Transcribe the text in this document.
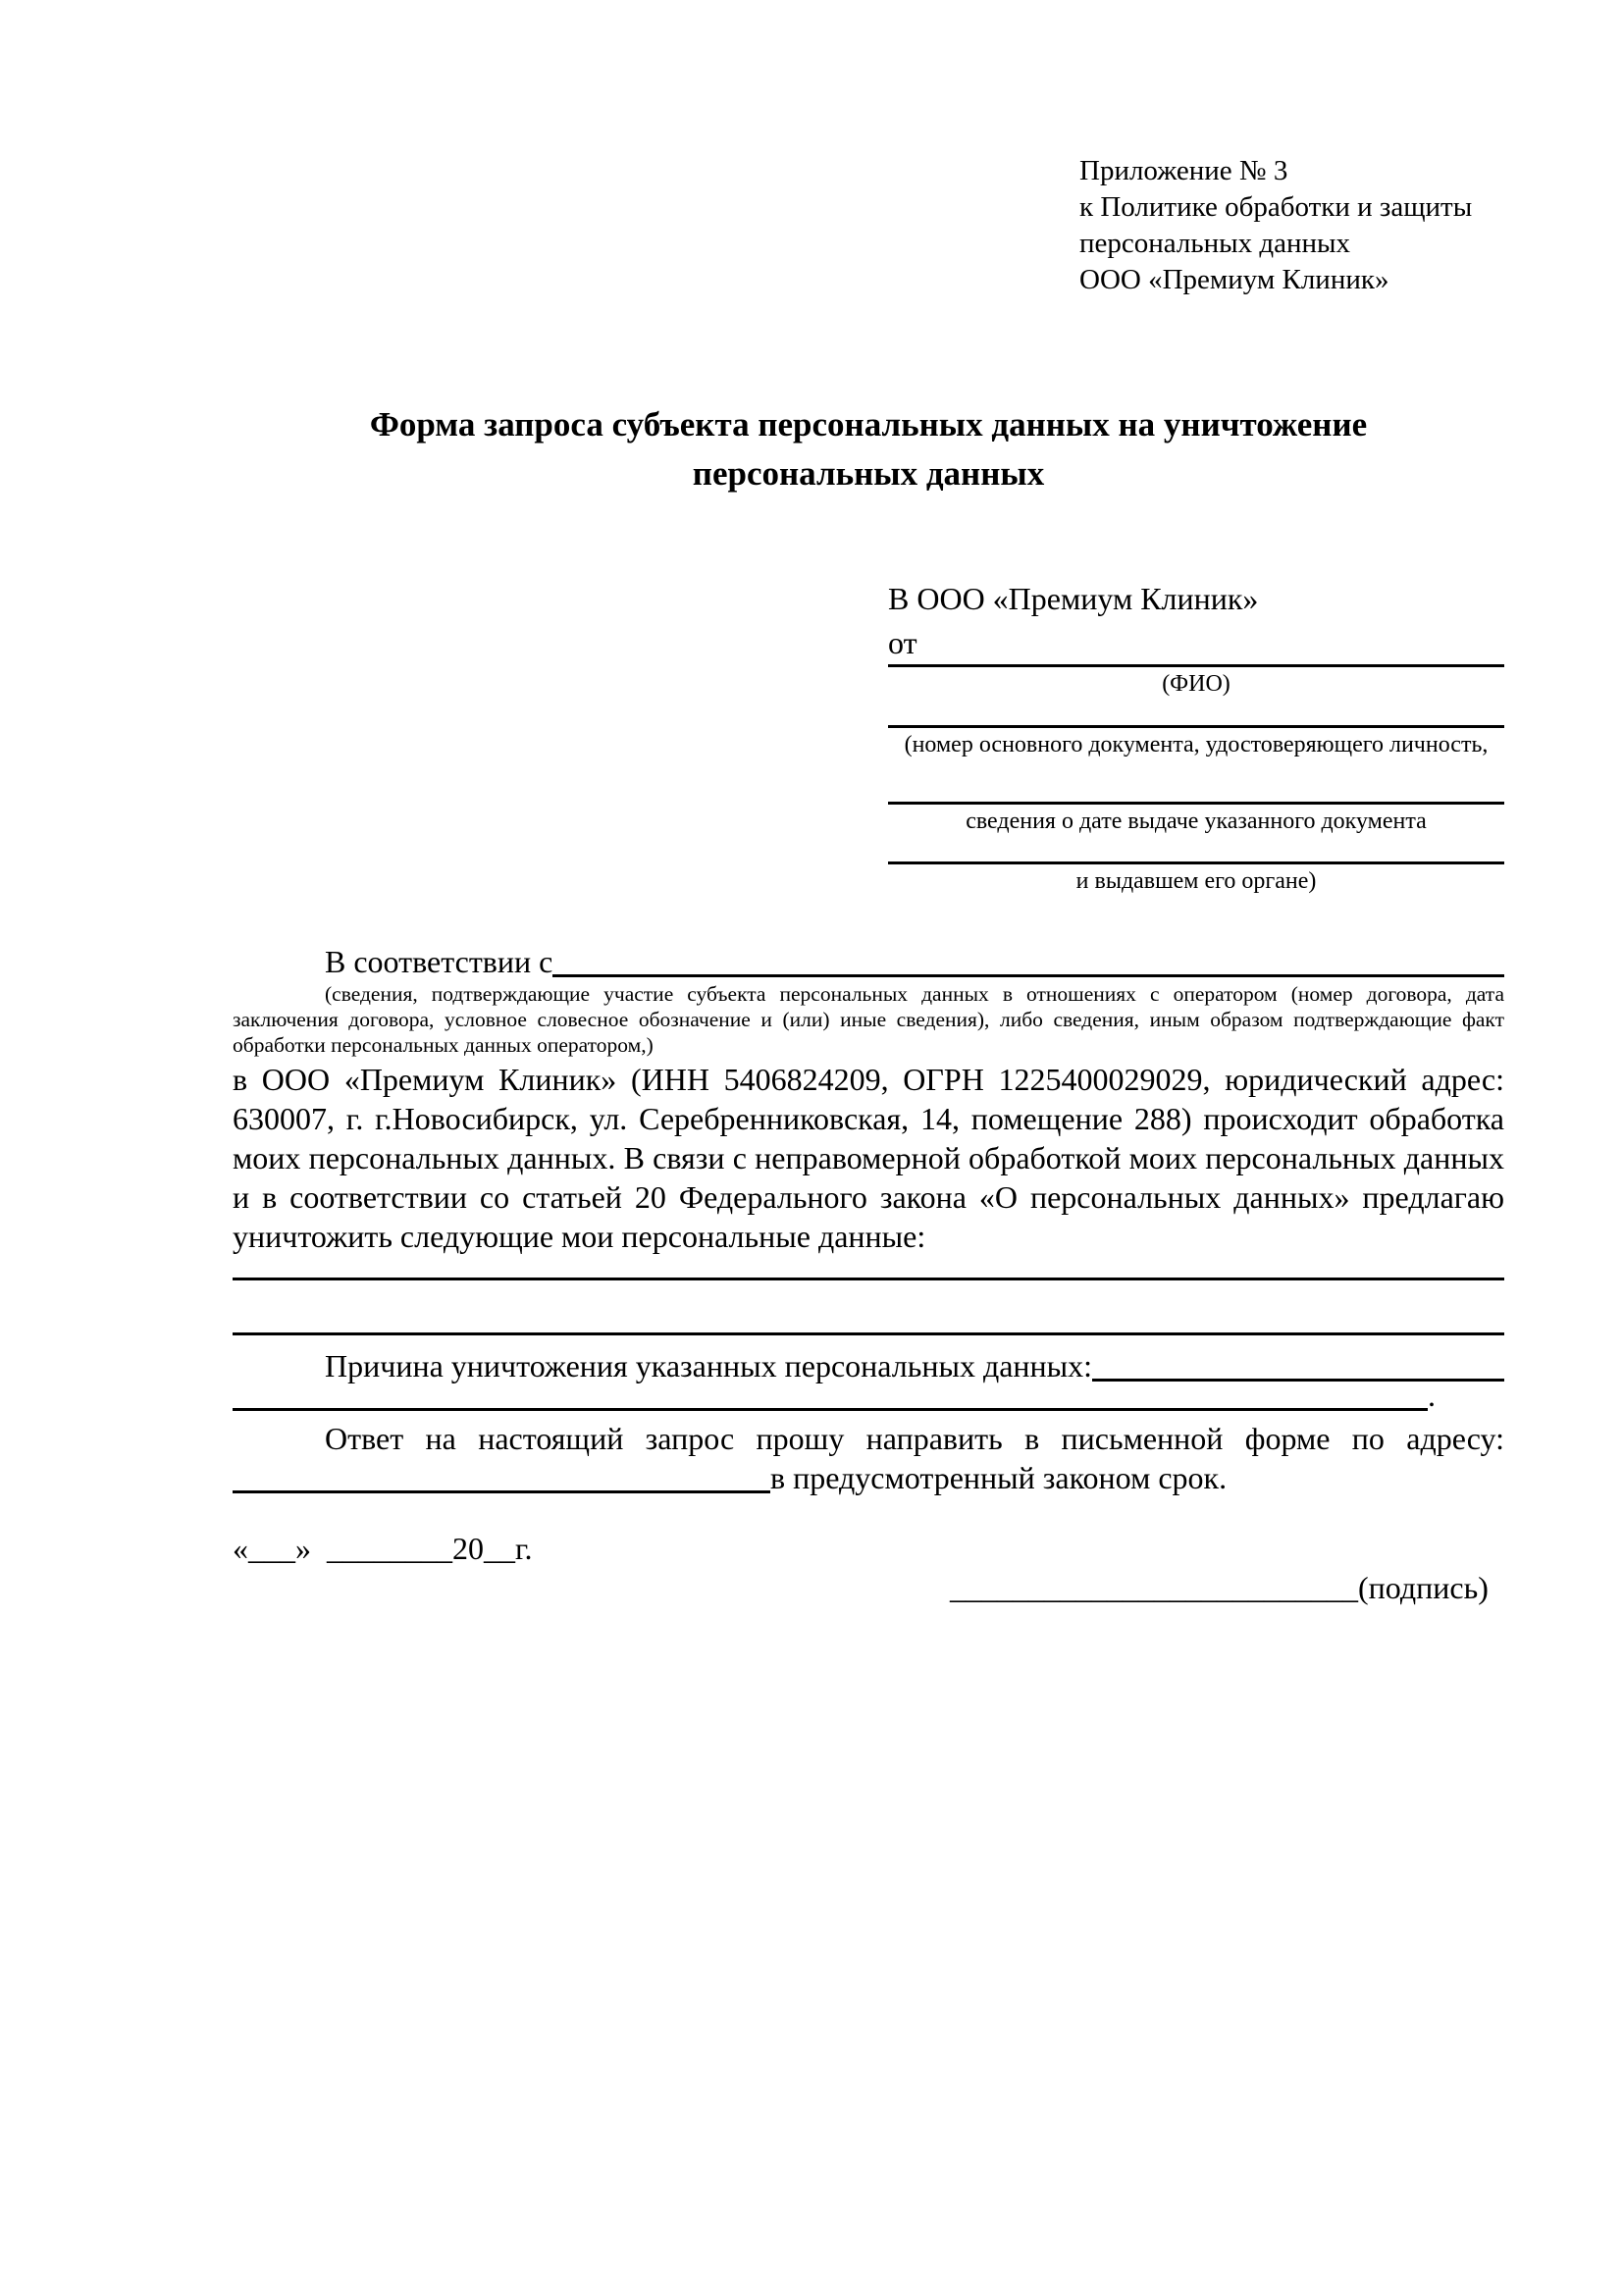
Приложение № 3
к Политике обработки и защиты
персональных данных
ООО «Премиум Клиник»
Форма запроса субъекта персональных данных на уничтожение
персональных данных
В ООО «Премиум Клиник»
от
(ФИО)
(номер основного документа, удостоверяющего личность,
сведения о дате выдаче указанного документа
и выдавшем его органе)
В соответствии с
(сведения, подтверждающие участие субъекта персональных данных в отношениях с оператором (номер договора, дата заключения договора, условное словесное обозначение и (или) иные сведения), либо сведения, иным образом подтверждающие факт обработки персональных данных оператором,)
в ООО «Премиум Клиник» (ИНН 5406824209, ОГРН 1225400029029, юридический адрес: 630007, г. г.Новосибирск, ул. Серебренниковская, 14, помещение 288) происходит обработка моих персональных данных. В связи с неправомерной обработкой моих персональных данных и в соответствии со статьей 20 Федерального закона «О персональных данных» предлагаю уничтожить следующие мои персональные данные:
Причина уничтожения указанных персональных данных:
.
Ответ на настоящий запрос прошу направить в письменной форме по адресу:
в предусмотренный законом срок.
«___»  ________20__г.

__________________________(подпись)
